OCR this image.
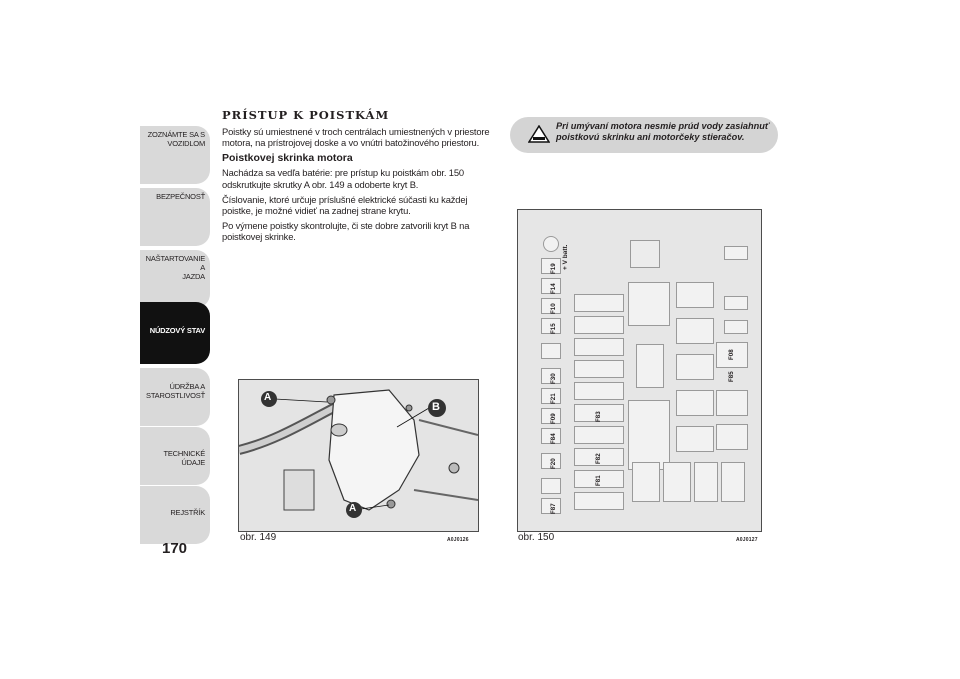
ZOZNÁMTE SA S
VOZIDLOM
BEZPEČNOSŤ
NAŠTARTOVANIE A
JAZDA
NÚDZOVÝ STAV
ÚDRŽBA A
STAROSTLIVOSŤ
TECHNICKÉ ÚDAJE
REJSTŘÍK
170
PRÍSTUP K POISTKÁM

Poistky sú umiestnené v troch centrálach umiestnených v priestore motora, na prístrojovej doske a vo vnútri batožinového priestoru.

Poistkovej skrinka motora

Nachádza sa vedľa batérie: pre prístup ku poistkám obr. 150 odskrutkujte skrutky A obr. 149 a odoberte kryt B.

Číslovanie, ktoré určuje príslušné elektrické súčasti ku každej poistke, je možné vidieť na zadnej strane krytu.

Po výmene poistky skontrolujte, či ste dobre zatvorili kryt B na poistkovej skrinke.

Pri umývaní motora nesmie prúd vody zasiahnuť poistkovú skrinku ani motorčeky stieračov.
A
B
A
obr. 149	A0J0126
+ V batt.
F19
F14
F10
F15
F30
F21
F09
F84
F20
F87
F83
F82
F81
F08
F85
obr. 150	A0J0127
